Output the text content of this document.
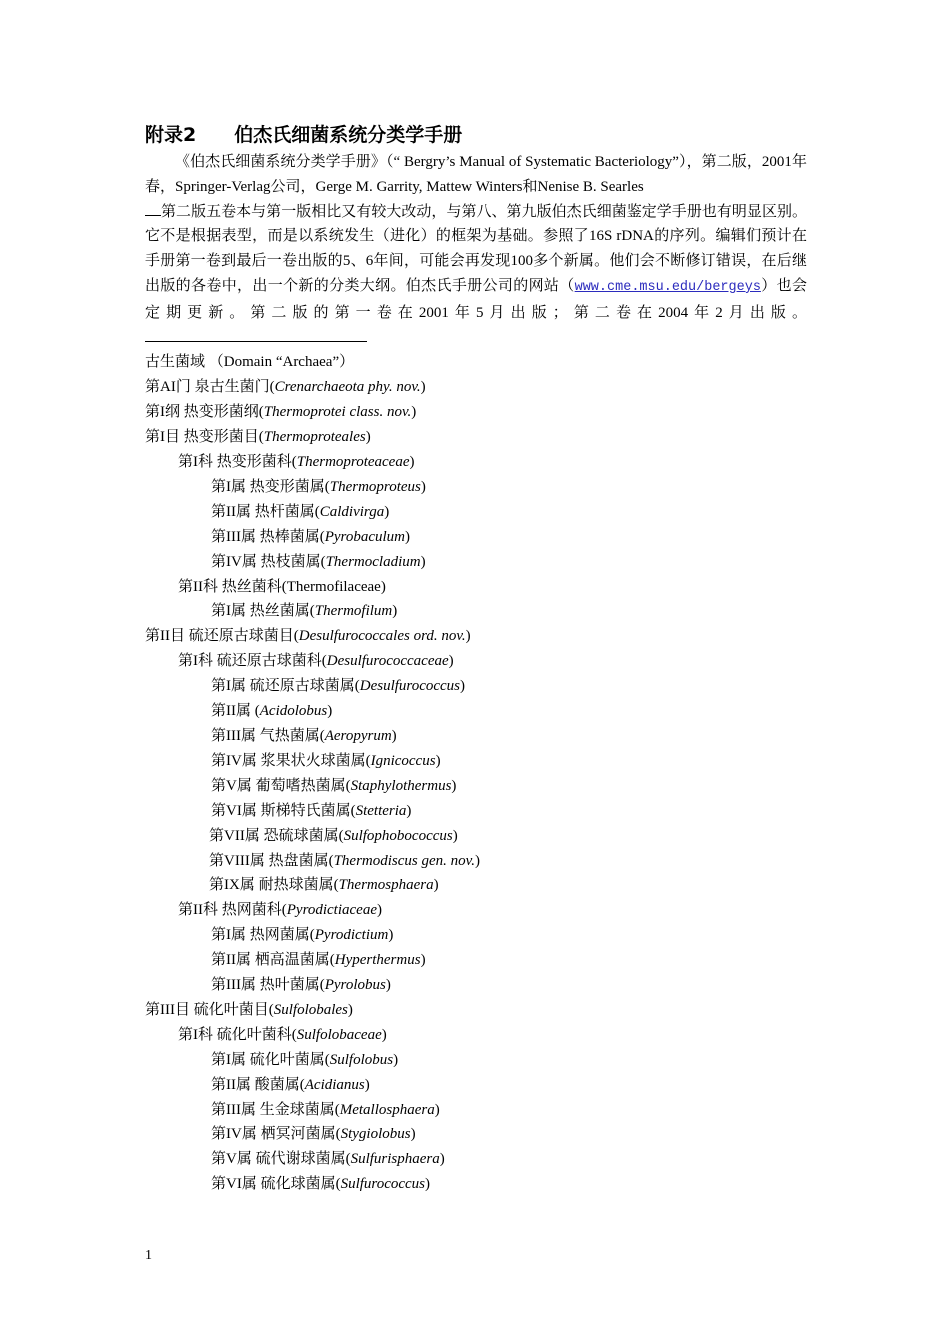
附录2　　伯杰氏细菌系统分类学手册

《伯杰氏细菌系统分类学手册》（“ Bergry’s Manual of Systematic Bacteriology”），第二版，2001年春，Springer-Verlag公司，Gerge M. Garrity, Mattew Winters和Nenise B. Searles

第二版五卷本与第一版相比又有较大改动，与第八、第九版伯杰氏细菌鉴定学手册也有明显区别。它不是根据表型，而是以系统发生（进化）的框架为基础。参照了16S rDNA的序列。编辑们预计在手册第一卷到最后一卷出版的5、6年间，可能会再发现100多个新属。他们会不断修订错误，在后继出版的各卷中，出一个新的分类大纲。伯杰氏手册公司的网站（www.cme.msu.edu/bergeys）也会定期更新。第二版的第一卷在2001年5月出版；第二卷在2004年2月出版。

古生菌域 （Domain “Archaea”）
第AI门 泉古生菌门(Crenarchaeota phy. nov.)
第I纲 热变形菌纲(Thermoprotei class. nov.)
第I目 热变形菌目(Thermoproteales)
第I科 热变形菌科(Thermoproteaceae)
第I属 热变形菌属(Thermoproteus)
第II属 热杆菌属(Caldivirga)
第III属 热棒菌属(Pyrobaculum)
第IV属 热枝菌属(Thermocladium)
第II科 热丝菌科(Thermofilaceae)
第I属 热丝菌属(Thermofilum)
第II目 硫还原古球菌目(Desulfurococcales ord. nov.)
第I科 硫还原古球菌科(Desulfurococcaceae)
第I属 硫还原古球菌属(Desulfurococcus)
第II属 (Acidolobus)
第III属 气热菌属(Aeropyrum)
第IV属 浆果状火球菌属(Ignicoccus)
第V属 葡萄嗜热菌属(Staphylothermus)
第VI属 斯梯特氏菌属(Stetteria)
第VII属 恐硫球菌属(Sulfophobococcus)
第VIII属 热盘菌属(Thermodiscus gen. nov.)
第IX属 耐热球菌属(Thermosphaera)
第II科 热网菌科(Pyrodictiaceae)
第I属 热网菌属(Pyrodictium)
第II属 栖高温菌属(Hyperthermus)
第III属 热叶菌属(Pyrolobus)
第III目 硫化叶菌目(Sulfolobales)
第I科 硫化叶菌科(Sulfolobaceae)
第I属 硫化叶菌属(Sulfolobus)
第II属 酸菌属(Acidianus)
第III属 生金球菌属(Metallosphaera)
第IV属 栖冥河菌属(Stygiolobus)
第V属 硫代谢球菌属(Sulfurisphaera)
第VI属 硫化球菌属(Sulfurococcus)
1
